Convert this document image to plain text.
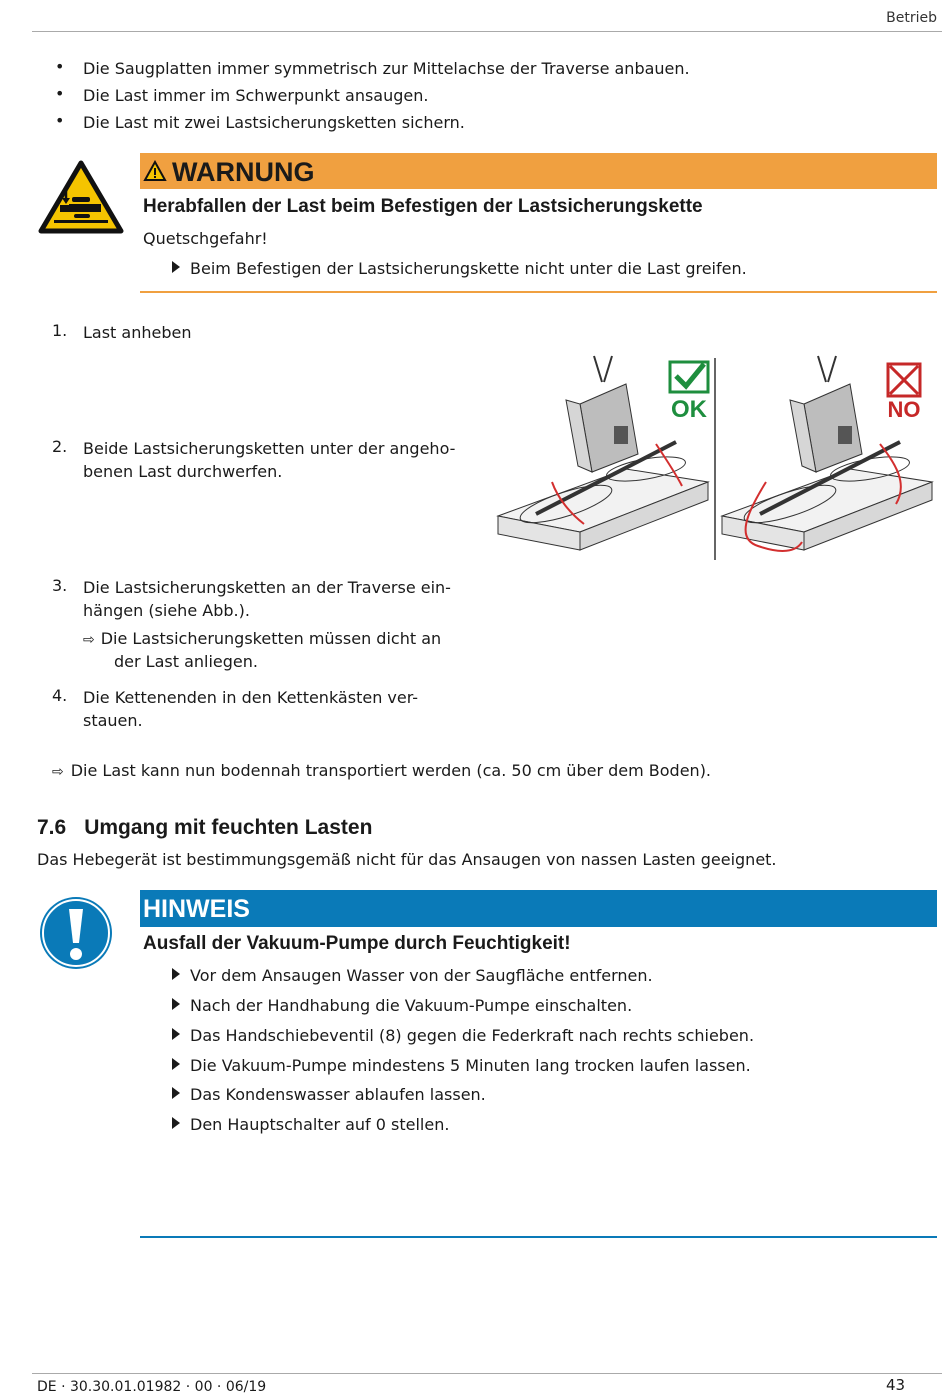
Betrieb
• Die Saugplatten immer symmetrisch zur Mittelachse der Traverse anbauen.
• Die Last immer im Schwerpunkt ansaugen.
• Die Last mit zwei Lastsicherungsketten sichern.
WARNUNG
Herabfallen der Last beim Befestigen der Lastsicherungskette
Quetschgefahr!
Beim Befestigen der Lastsicherungskette nicht unter die Last greifen.
1. Last anheben
2. Beide Lastsicherungsketten unter der angeho-
benen Last durchwerfen.
3. Die Lastsicherungsketten an der Traverse ein-
hängen (siehe Abb.).
⇨ Die Lastsicherungsketten müssen dicht an
der Last anliegen.
4. Die Kettenenden in den Kettenkästen ver-
stauen.
OK	NO
⇨ Die Last kann nun bodennah transportiert werden (ca. 50 cm über dem Boden).
7.6 Umgang mit feuchten Lasten
Das Hebegerät ist bestimmungsgemäß nicht für das Ansaugen von nassen Lasten geeignet.
HINWEIS
Ausfall der Vakuum-Pumpe durch Feuchtigkeit!
Vor dem Ansaugen Wasser von der Saugfläche entfernen.
Nach der Handhabung die Vakuum-Pumpe einschalten.
Das Handschiebeventil (8) gegen die Federkraft nach rechts schieben.
Die Vakuum-Pumpe mindestens 5 Minuten lang trocken laufen lassen.
Das Kondenswasser ablaufen lassen.
Den Hauptschalter auf 0 stellen.
DE · 30.30.01.01982 · 00 · 06/19	43
